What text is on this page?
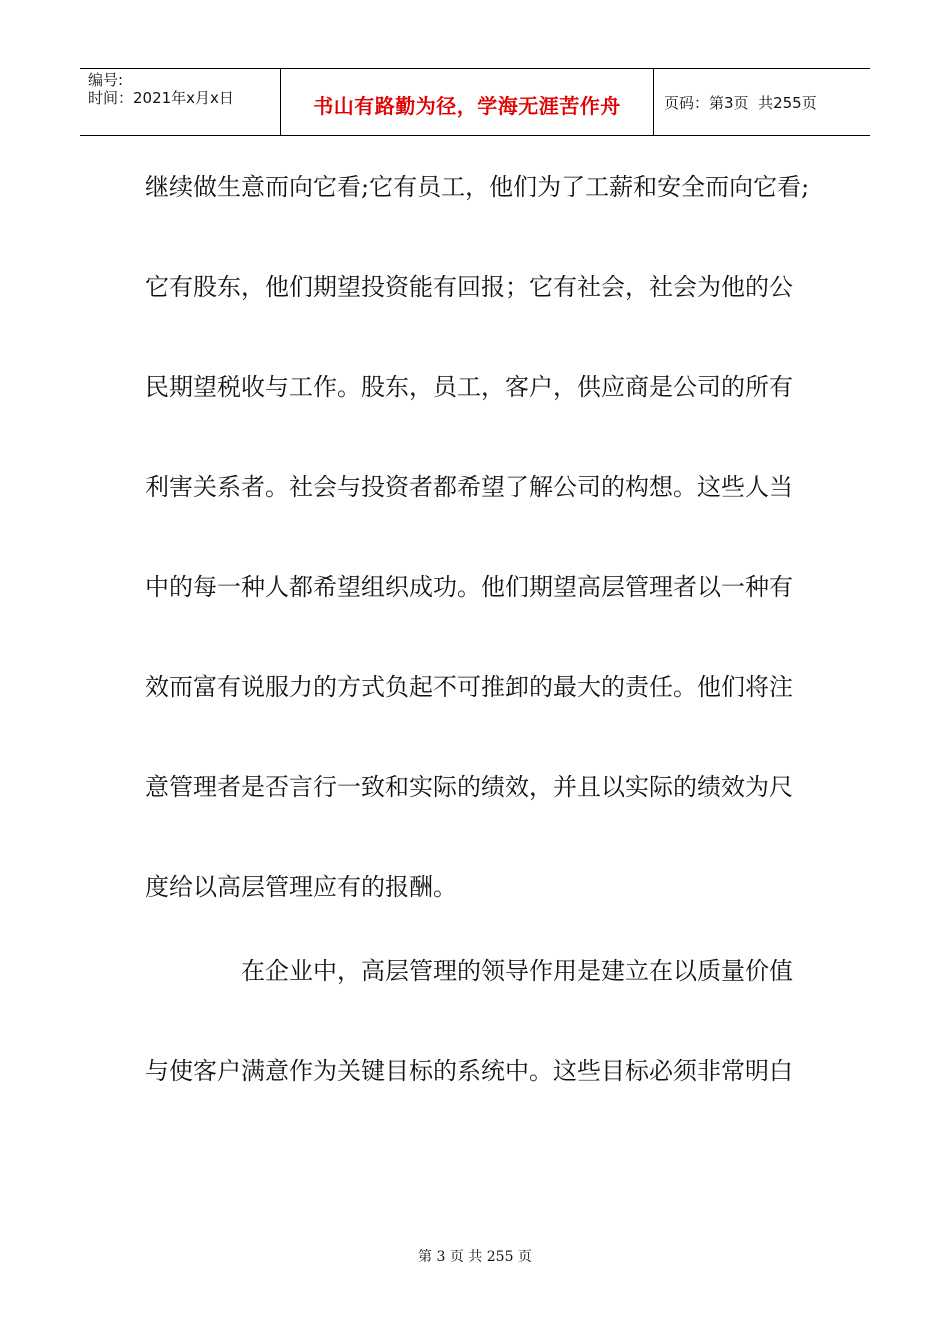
编号:
时间：2021年x月x日	书山有路勤为径，学海无涯苦作舟	页码：第3页  共255页
继续做生意而向它看;它有员工，他们为了工薪和安全而向它看;
它有股东，他们期望投资能有回报；它有社会，社会为他的公
民期望税收与工作。股东，员工，客户，供应商是公司的所有
利害关系者。社会与投资者都希望了解公司的构想。这些人当
中的每一种人都希望组织成功。他们期望高层管理者以一种有
效而富有说服力的方式负起不可推卸的最大的责任。他们将注
意管理者是否言行一致和实际的绩效，并且以实际的绩效为尺
度给以高层管理应有的报酬。
在企业中，高层管理的领导作用是建立在以质量价值
与使客户满意作为关键目标的系统中。这些目标必须非常明白
第 3 页 共 255 页
